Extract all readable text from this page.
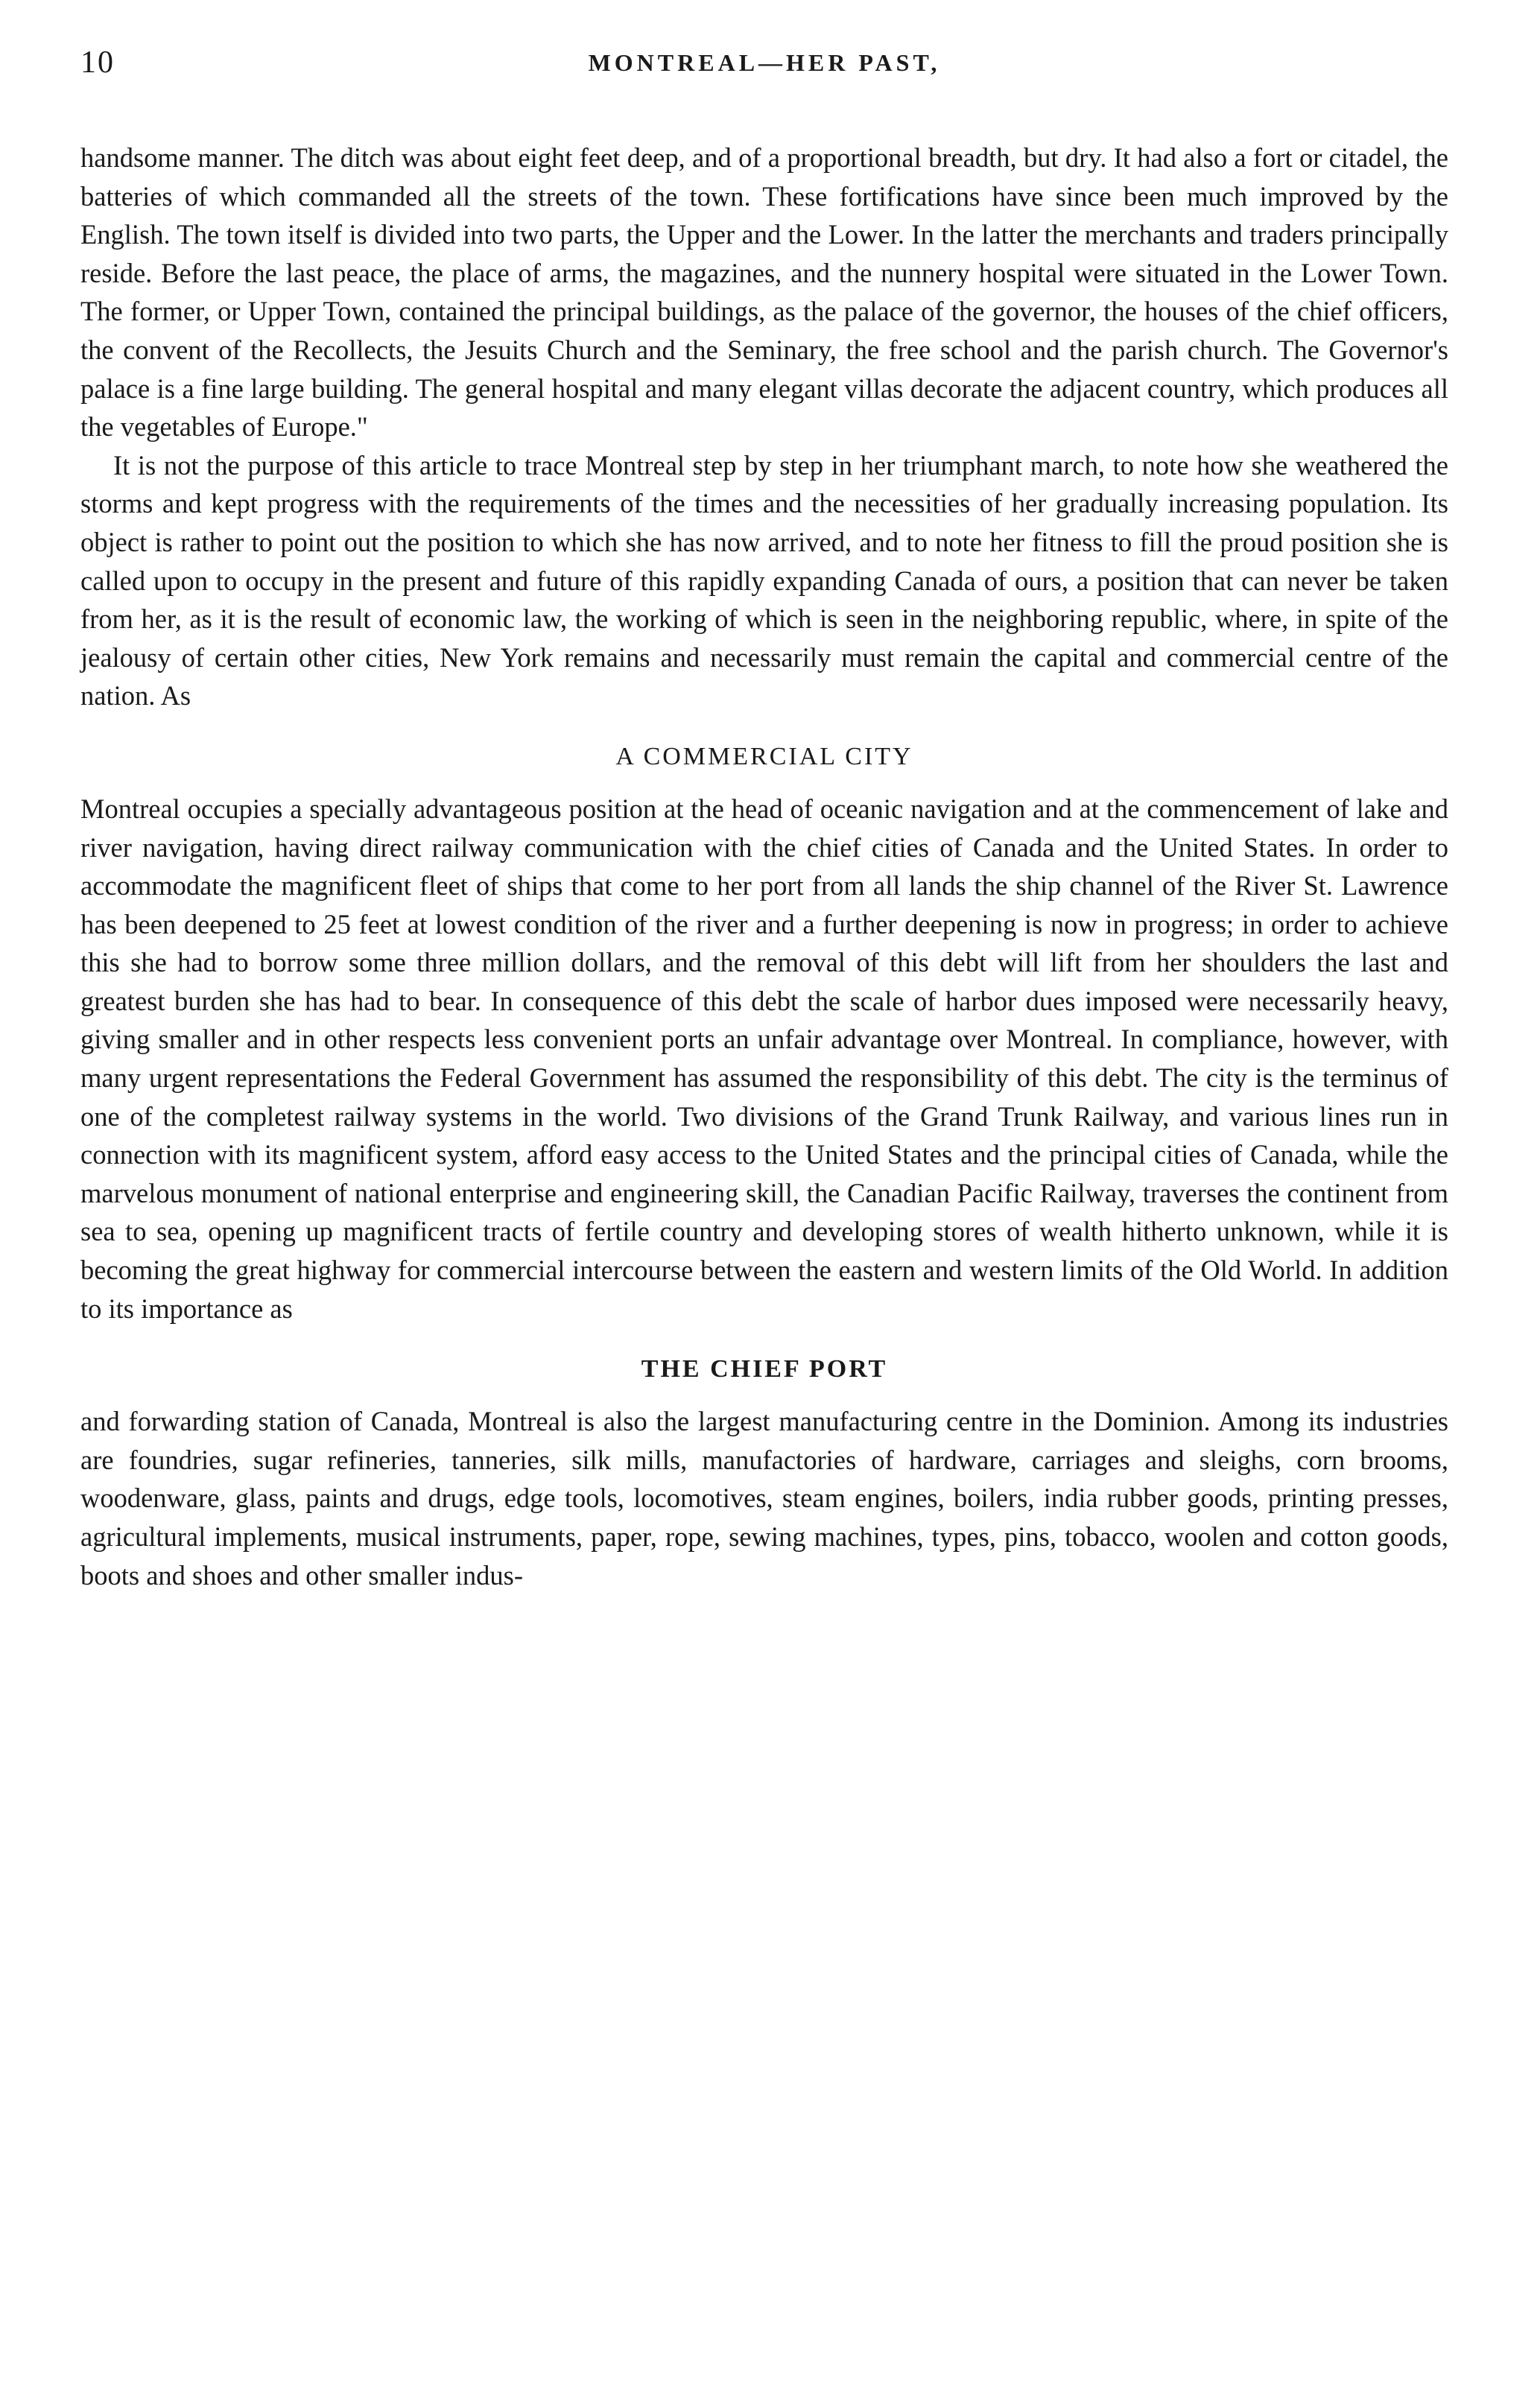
10	MONTREAL—HER PAST,

handsome manner. The ditch was about eight feet deep, and of a proportional breadth, but dry. It had also a fort or citadel, the batteries of which commanded all the streets of the town. These fortifications have since been much improved by the English. The town itself is divided into two parts, the Upper and the Lower. In the latter the merchants and traders principally reside. Before the last peace, the place of arms, the magazines, and the nunnery hospital were situated in the Lower Town. The former, or Upper Town, contained the principal buildings, as the palace of the governor, the houses of the chief officers, the convent of the Recollects, the Jesuits Church and the Seminary, the free school and the parish church. The Governor's palace is a fine large building. The general hospital and many elegant villas decorate the adjacent country, which produces all the vegetables of Europe."

It is not the purpose of this article to trace Montreal step by step in her triumphant march, to note how she weathered the storms and kept progress with the requirements of the times and the necessities of her gradually increasing population. Its object is rather to point out the position to which she has now arrived, and to note her fitness to fill the proud position she is called upon to occupy in the present and future of this rapidly expanding Canada of ours, a position that can never be taken from her, as it is the result of economic law, the working of which is seen in the neighboring republic, where, in spite of the jealousy of certain other cities, New York remains and necessarily must remain the capital and commercial centre of the nation. As

A COMMERCIAL CITY

Montreal occupies a specially advantageous position at the head of oceanic navigation and at the commencement of lake and river navigation, having direct railway communication with the chief cities of Canada and the United States. In order to accommodate the magnificent fleet of ships that come to her port from all lands the ship channel of the River St. Lawrence has been deepened to 25 feet at lowest condition of the river and a further deepening is now in progress; in order to achieve this she had to borrow some three million dollars, and the removal of this debt will lift from her shoulders the last and greatest burden she has had to bear. In consequence of this debt the scale of harbor dues imposed were necessarily heavy, giving smaller and in other respects less convenient ports an unfair advantage over Montreal. In compliance, however, with many urgent representations the Federal Government has assumed the responsibility of this debt. The city is the terminus of one of the completest railway systems in the world. Two divisions of the Grand Trunk Railway, and various lines run in connection with its magnificent system, afford easy access to the United States and the principal cities of Canada, while the marvelous monument of national enterprise and engineering skill, the Canadian Pacific Railway, traverses the continent from sea to sea, opening up magnificent tracts of fertile country and developing stores of wealth hitherto unknown, while it is becoming the great highway for commercial intercourse between the eastern and western limits of the Old World. In addition to its importance as

THE CHIEF PORT

and forwarding station of Canada, Montreal is also the largest manufacturing centre in the Dominion. Among its industries are foundries, sugar refineries, tanneries, silk mills, manufactories of hardware, carriages and sleighs, corn brooms, woodenware, glass, paints and drugs, edge tools, locomotives, steam engines, boilers, india rubber goods, printing presses, agricultural implements, musical instruments, paper, rope, sewing machines, types, pins, tobacco, woolen and cotton goods, boots and shoes and other smaller indus-
